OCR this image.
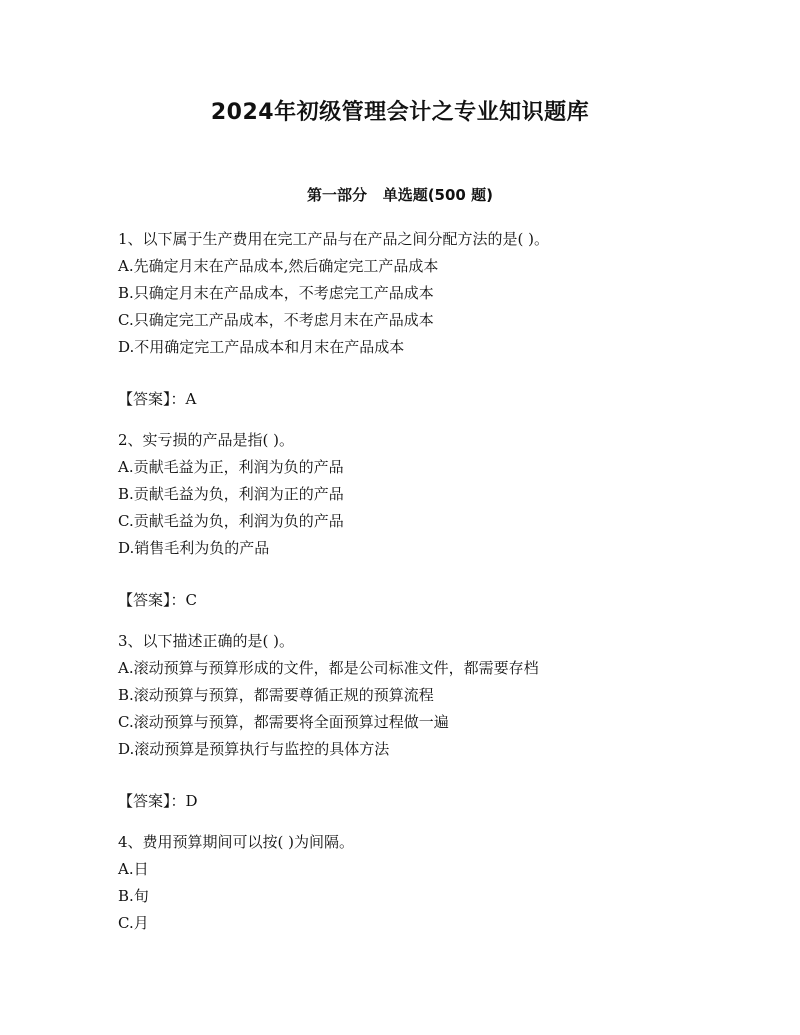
2024年初级管理会计之专业知识题库
第一部分   单选题(500 题)
1、以下属于生产费用在完工产品与在产品之间分配方法的是( )。
A.先确定月末在产品成本,然后确定完工产品成本
B.只确定月末在产品成本，不考虑完工产品成本
C.只确定完工产品成本，不考虑月末在产品成本
D.不用确定完工产品成本和月末在产品成本
【答案】：A
2、实亏损的产品是指( )。
A.贡献毛益为正，利润为负的产品
B.贡献毛益为负，利润为正的产品
C.贡献毛益为负，利润为负的产品
D.销售毛利为负的产品
【答案】：C
3、以下描述正确的是( )。
A.滚动预算与预算形成的文件，都是公司标准文件，都需要存档
B.滚动预算与预算，都需要尊循正规的预算流程
C.滚动预算与预算，都需要将全面预算过程做一遍
D.滚动预算是预算执行与监控的具体方法
【答案】：D
4、费用预算期间可以按( )为间隔。
A.日
B.旬
C.月
